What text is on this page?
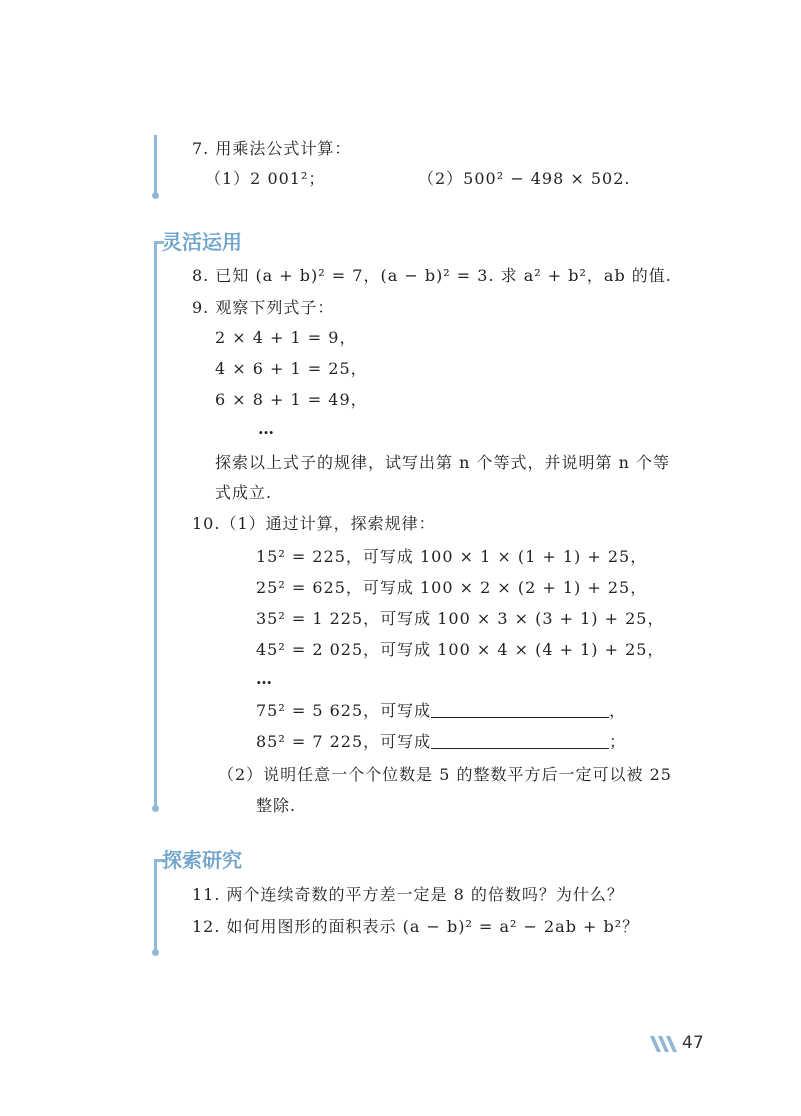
7. 用乘法公式计算：
（1）2 001²；	（2）500² − 498 × 502.
灵活运用
8. 已知 (a + b)² = 7，(a − b)² = 3. 求 a² + b²，ab 的值.
9. 观察下列式子：
2 × 4 + 1 = 9，
4 × 6 + 1 = 25，
6 × 8 + 1 = 49，
…
探索以上式子的规律，试写出第 n 个等式，并说明第 n 个等
式成立.
10.（1）通过计算，探索规律：
15² = 225，可写成 100 × 1 × (1 + 1) + 25，
25² = 625，可写成 100 × 2 × (2 + 1) + 25，
35² = 1 225，可写成 100 × 3 × (3 + 1) + 25，
45² = 2 025，可写成 100 × 4 × (4 + 1) + 25，
…
75² = 5 625，可写成	，
85² = 7 225，可写成	；
（2）说明任意一个个位数是 5 的整数平方后一定可以被 25
整除.
探索研究
11. 两个连续奇数的平方差一定是 8 的倍数吗？为什么？
12. 如何用图形的面积表示 (a − b)² = a² − 2ab + b²？
47
